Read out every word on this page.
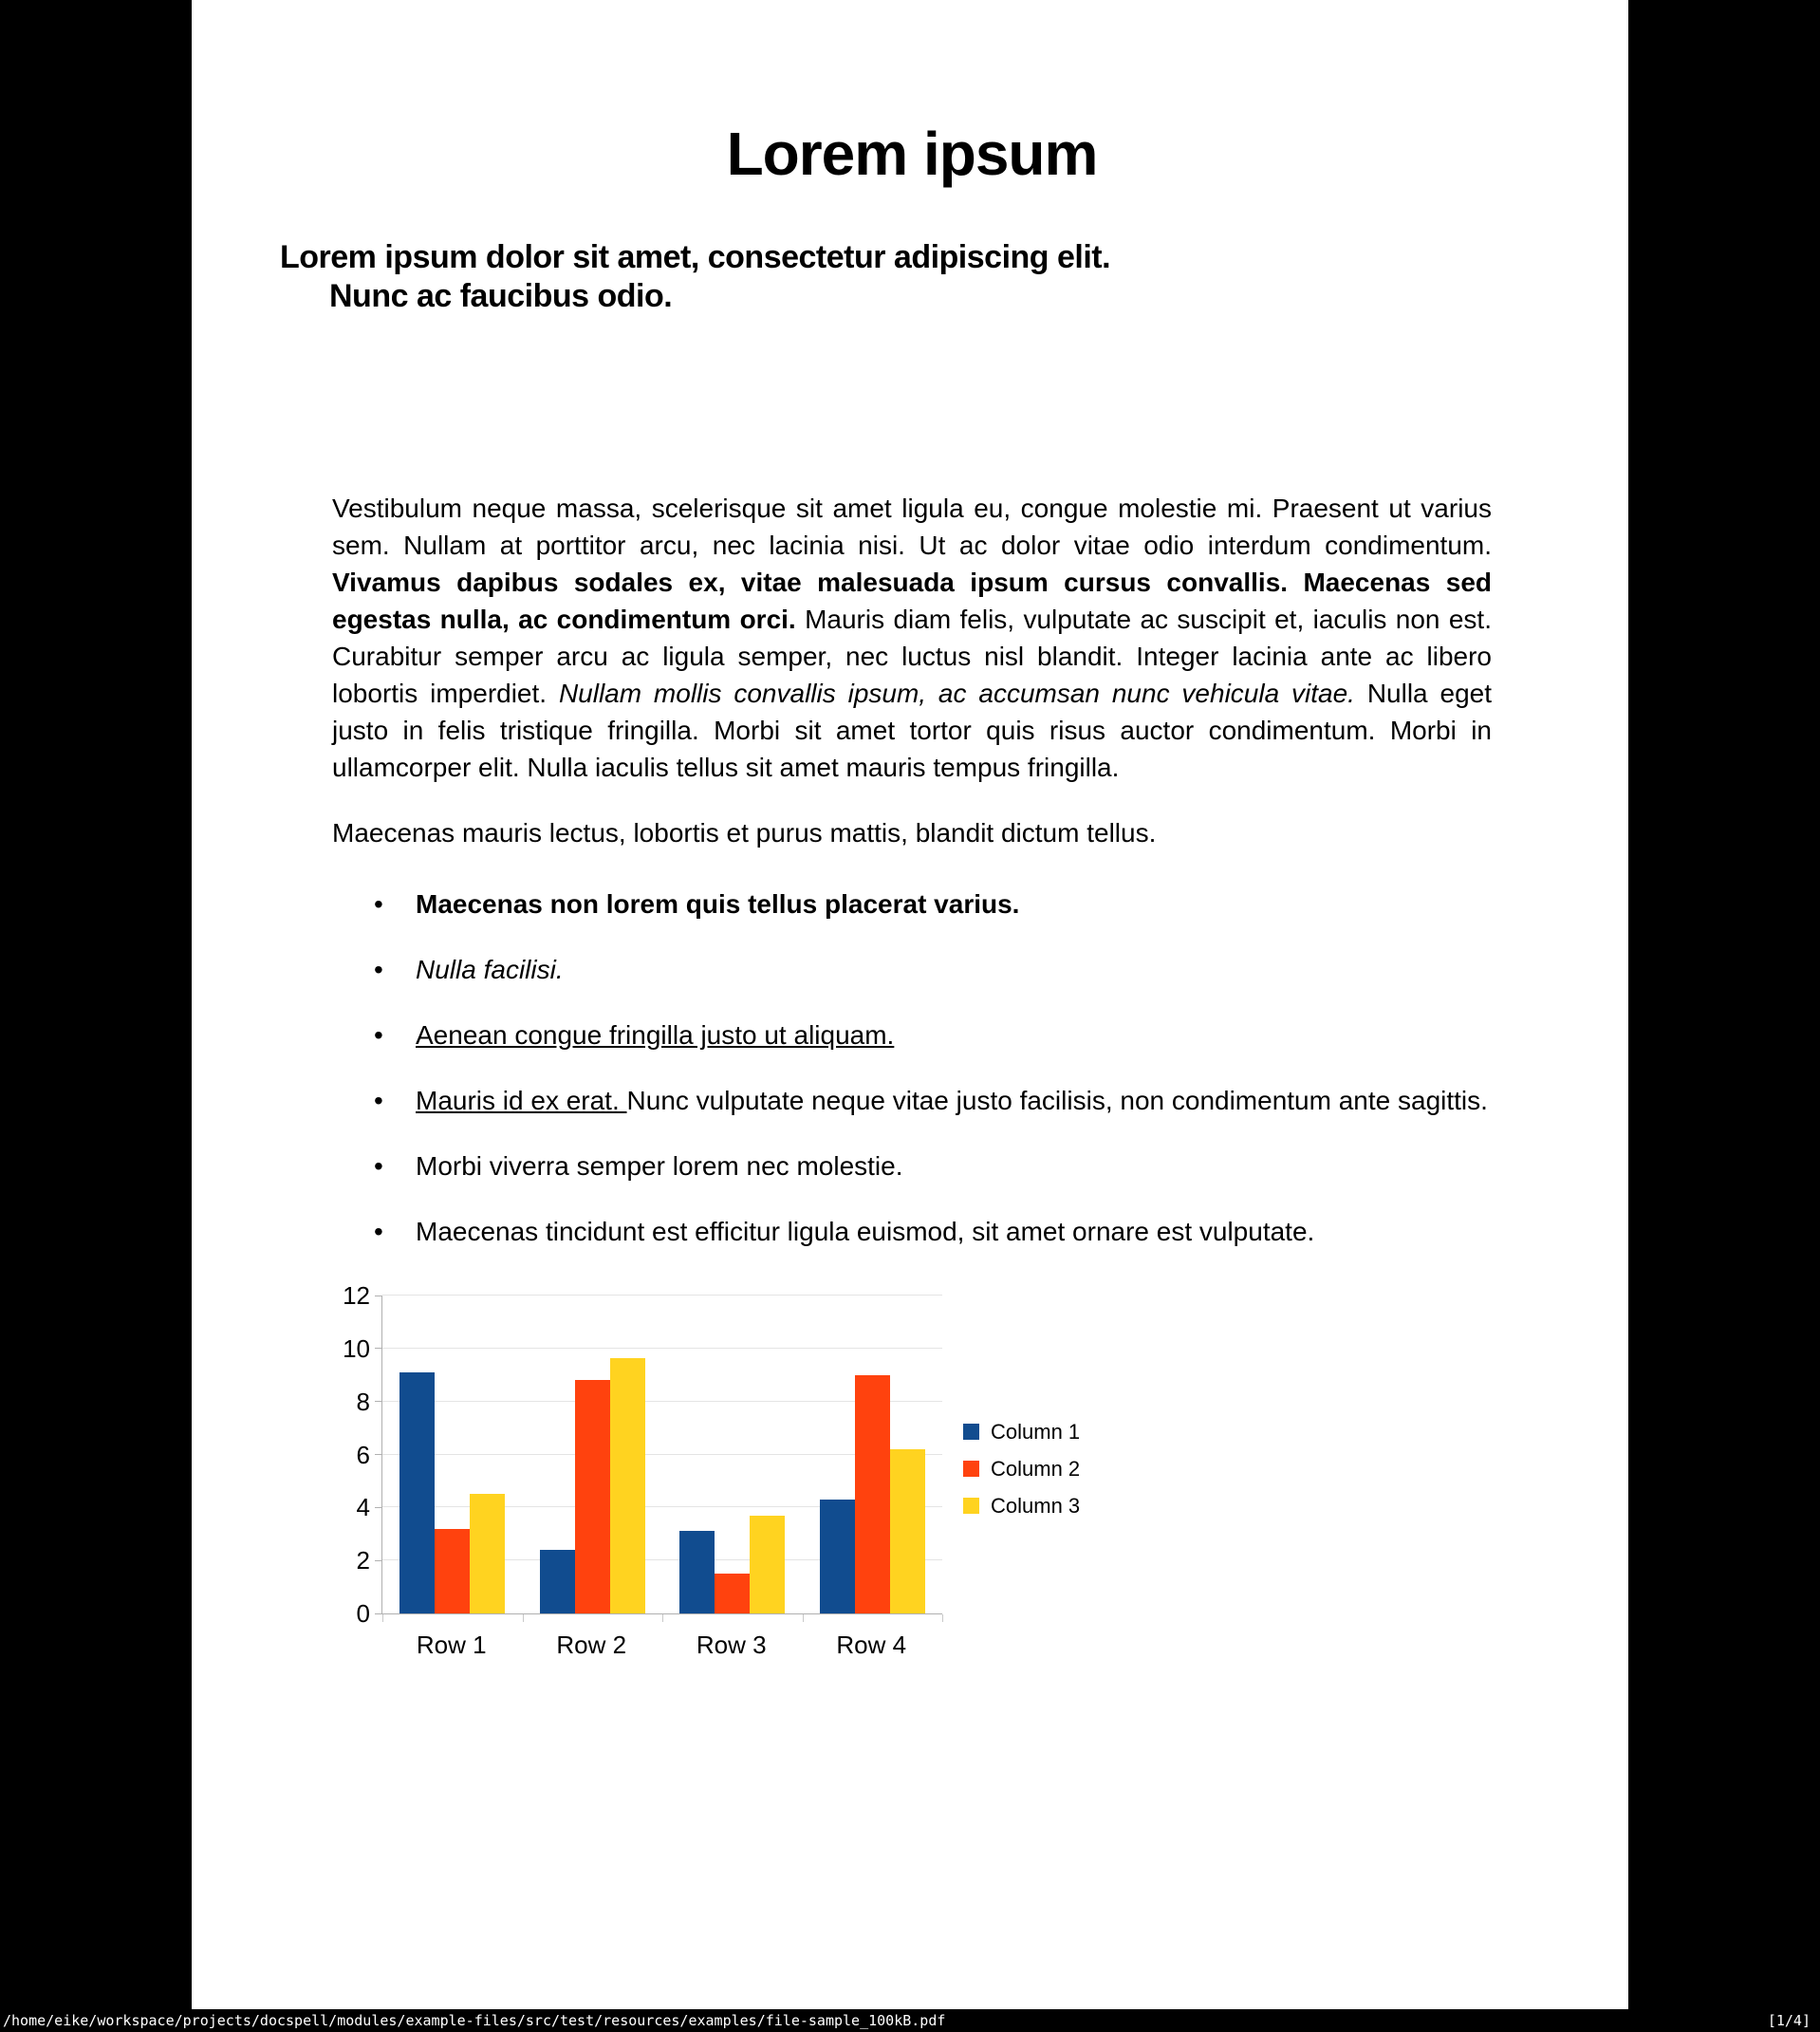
Lorem ipsum
Lorem ipsum dolor sit amet, consectetur adipiscing elit.
Nunc ac faucibus odio.

Vestibulum neque massa, scelerisque sit amet ligula eu, congue molestie mi. Praesent ut varius sem. Nullam at porttitor arcu, nec lacinia nisi. Ut ac dolor vitae odio interdum condimentum. Vivamus dapibus sodales ex, vitae malesuada ipsum cursus convallis. Maecenas sed egestas nulla, ac condimentum orci. Mauris diam felis, vulputate ac suscipit et, iaculis non est. Curabitur semper arcu ac ligula semper, nec luctus nisl blandit. Integer lacinia ante ac libero lobortis imperdiet. Nullam mollis convallis ipsum, ac accumsan nunc vehicula vitae. Nulla eget justo in felis tristique fringilla. Morbi sit amet tortor quis risus auctor condimentum. Morbi in ullamcorper elit. Nulla iaculis tellus sit amet mauris tempus fringilla.

Maecenas mauris lectus, lobortis et purus mattis, blandit dictum tellus.

• Maecenas non lorem quis tellus placerat varius.
• Nulla facilisi.
• Aenean congue fringilla justo ut aliquam.
• Mauris id ex erat. Nunc vulputate neque vitae justo facilisis, non condimentum ante sagittis.
• Morbi viverra semper lorem nec molestie.
• Maecenas tincidunt est efficitur ligula euismod, sit amet ornare est vulputate.
Column 1
Column 2
Column 3
0
2
4
6
8
10
12
Row 1	Row 2	Row 3	Row 4
/home/eike/workspace/projects/docspell/modules/example-files/src/test/resources/examples/file-sample_100kB.pdf	[1/4]
